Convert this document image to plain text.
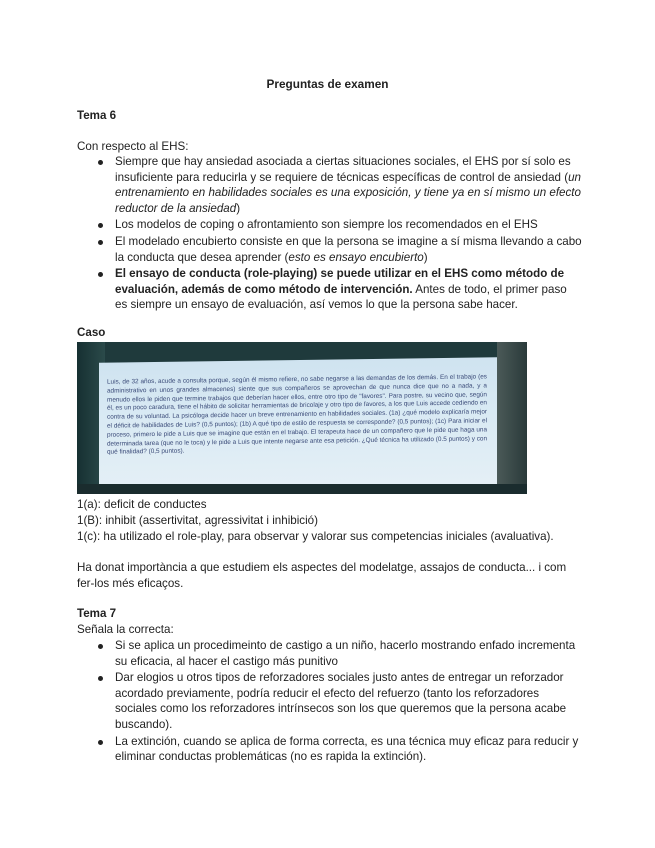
Preguntas de examen
Tema 6
Con respecto al EHS:
Siempre que hay ansiedad asociada a ciertas situaciones sociales, el EHS por sí solo es insuficiente para reducirla y se requiere de técnicas específicas de control de ansiedad (un entrenamiento en habilidades sociales es una exposición, y tiene ya en sí mismo un efecto reductor de la ansiedad)
Los modelos de coping o afrontamiento son siempre los recomendados en el EHS
El modelado encubierto consiste en que la persona se imagine a sí misma llevando a cabo la conducta que desea aprender (esto es ensayo encubierto)
El ensayo de conducta (role-playing) se puede utilizar en el EHS como método de evaluación, además de como método de intervención. Antes de todo, el primer paso es siempre un ensayo de evaluación, así vemos lo que la persona sabe hacer.
Caso
Luis, de 32 años, acude a consulta porque, según él mismo refiere, no sabe negarse a las demandas de los demás. En el trabajo (es administrativo en unos grandes almacenes) siente que sus compañeros se aprovechan de que nunca dice que no a nada, y a menudo ellos le piden que termine trabajos que deberían hacer ellos, entre otro tipo de "favores". Para postre, su vecino que, según él, es un poco caradura, tiene el hábito de solicitar herramientas de bricolaje y otro tipo de favores, a los que Luis accede cediendo en contra de su voluntad. La psicóloga decide hacer un breve entrenamiento en habilidades sociales. (1a) ¿qué modelo explicaría mejor el déficit de habilidades de Luis? (0,5 puntos); (1b) A qué tipo de estilo de respuesta se corresponde? (0,5 puntos); (1c) Para iniciar el proceso, primero le pide a Luis que se imagine que están en el trabajo. El terapeuta hace de un compañero que le pide que haga una determinada tarea (que no le toca) y le pide a Luis que intente negarse ante esa petición. ¿Qué técnica ha utilizado (0.5 puntos) y con qué finalidad? (0,5 puntos).
1(a): deficit de conductes
1(B): inhibit (assertivitat, agressivitat i inhibició)
1(c): ha utilizado el role-play, para observar y valorar sus competencias iniciales (avaluativa).
Ha donat importància a que estudiem els aspectes del modelatge, assajos de conducta... i com fer-los més eficaços.
Tema 7
Señala la correcta:
Si se aplica un procedimeinto de castigo a un niño, hacerlo mostrando enfado incrementa su eficacia, al hacer el castigo más punitivo
Dar elogios u otros tipos de reforzadores sociales justo antes de entregar un reforzador acordado previamente, podría reducir el efecto del refuerzo (tanto los reforzadores sociales como los reforzadores intrínsecos son los que queremos que la persona acabe buscando).
La extinción, cuando se aplica de forma correcta, es una técnica muy eficaz para reducir y eliminar conductas problemáticas (no es rapida la extinción).
